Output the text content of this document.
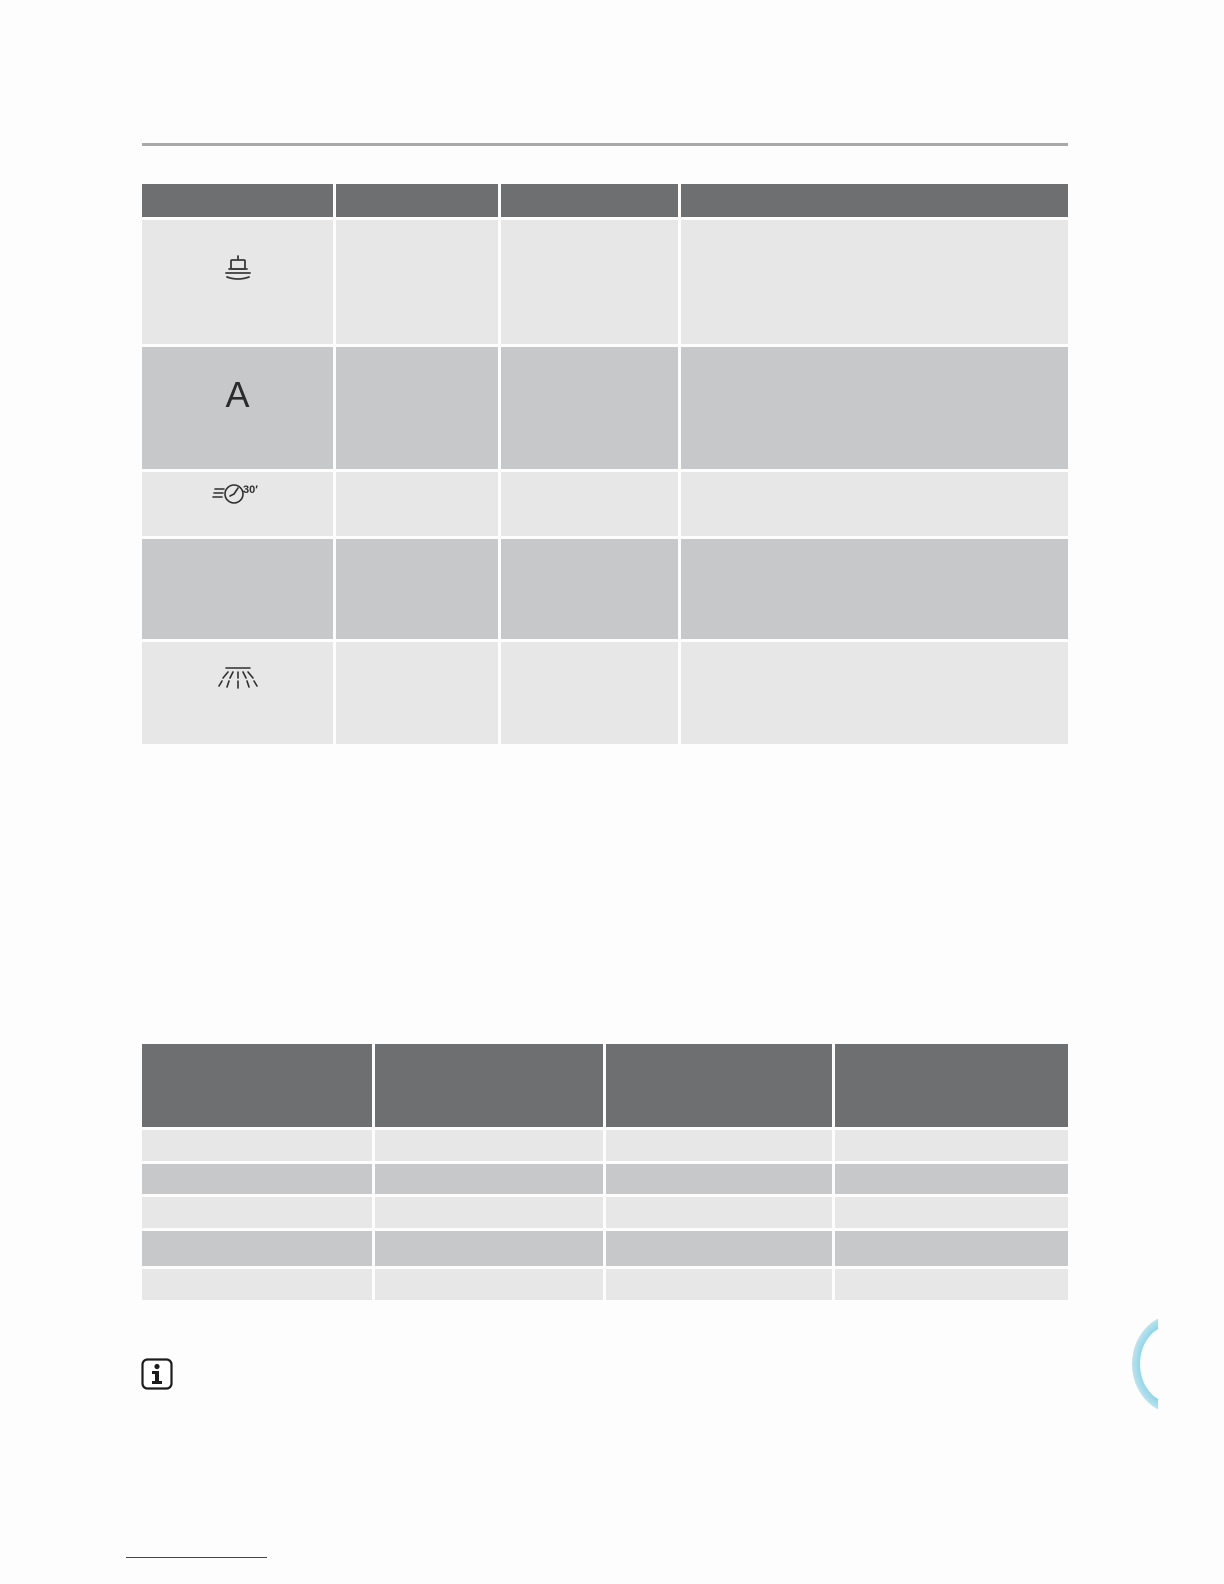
A			

30′			
